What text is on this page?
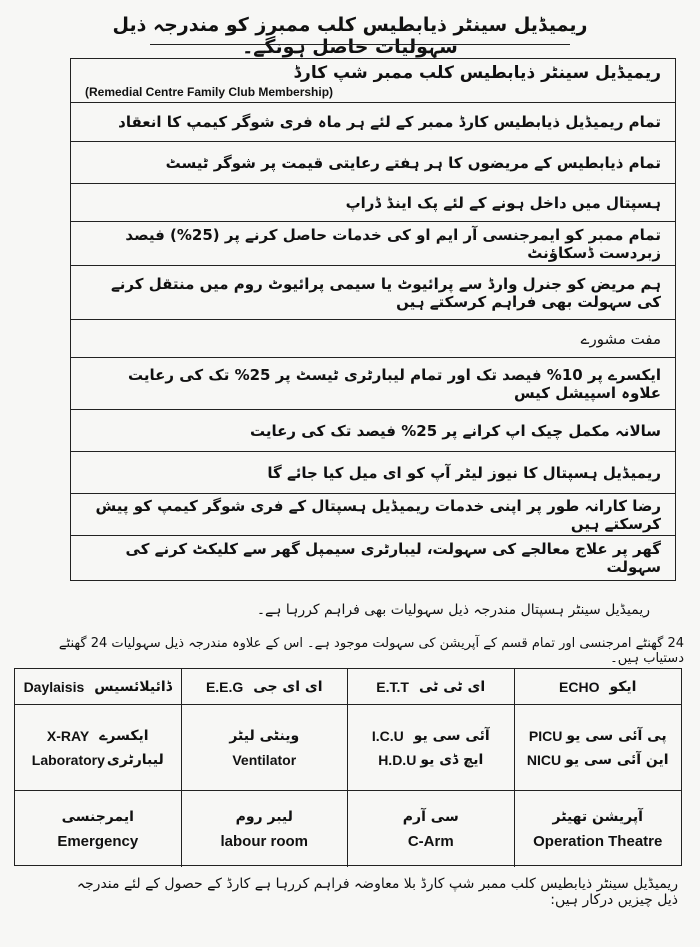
ریمیڈیل سینٹر ذیابطیس کلب ممبرز کو مندرجہ ذیل سہولیات حاصل ہونگے۔
ریمیڈیل سینٹر ذیابطیس کلب ممبر شپ کارڈ
(Remedial Centre Family Club Membership)
تمام ریمیڈیل ذیابطیس کارڈ ممبر کے لئے ہر ماہ فری شوگر کیمپ کا انعقاد
تمام ذیابطیس کے مریضوں کا ہر ہفتے رعایتی قیمت پر شوگر ٹیسٹ
ہسپتال میں داخل ہونے کے لئے پک اینڈ ڈراپ
تمام ممبر کو ایمرجنسی آر ایم او کی خدمات حاصل کرنے پر (25%) فیصد زبردست ڈسکاؤنٹ
ہم مریض کو جنرل وارڈ سے پرائیوٹ یا سیمی پرائیوٹ روم میں منتقل کرنے کی سہولت بھی فراہم کرسکتے ہیں
مفت مشورے
ایکسرے پر 10% فیصد تک اور تمام لیبارٹری ٹیسٹ پر 25% تک کی رعایت علاوہ اسپیشل کیس
سالانہ مکمل چیک اپ کرانے پر 25% فیصد تک کی رعایت
ریمیڈیل ہسپتال کا نیوز لیٹر آپ کو ای میل کیا جائے گا
رضا کارانہ طور پر اپنی خدمات ریمیڈیل ہسپتال کے فری شوگر کیمپ کو پیش کرسکتے ہیں
گھر پر علاج معالجے کی سہولت، لیبارٹری سیمپل گھر سے کلیکٹ کرنے کی سہولت
ریمیڈیل سینٹر ہسپتال مندرجہ ذیل سہولیات بھی فراہم کررہا ہے۔
24 گھنٹے امرجنسی اور تمام قسم کے آپریشن کی سہولت موجود ہے۔ اس کے علاوہ مندرجہ ذیل سہولیات 24 گھنٹے دستیاب ہیں۔
Daylaisis ڈائیلائسیس E.E.G ای ای جی	E.T.T ای ٹی ٹی	ECHO ایکو
X-RAY ایکسرے
Laboratory لیبارٹری
وینٹی لیٹر
Ventilator
I.C.U آئی سی یو
H.D.U ایچ ڈی یو
PICU پی آئی سی یو
NICU این آئی سی یو
ایمرجنسی
Emergency
لیبر روم
labour room
سی آرم
C-Arm
آپریشن تھیٹر
Operation Theatre
ریمیڈیل سینٹر ذیابطیس کلب ممبر شپ کارڈ بلا معاوضہ فراہم کررہا ہے کارڈ کے حصول کے لئے مندرجہ ذیل چیزیں درکار ہیں:
